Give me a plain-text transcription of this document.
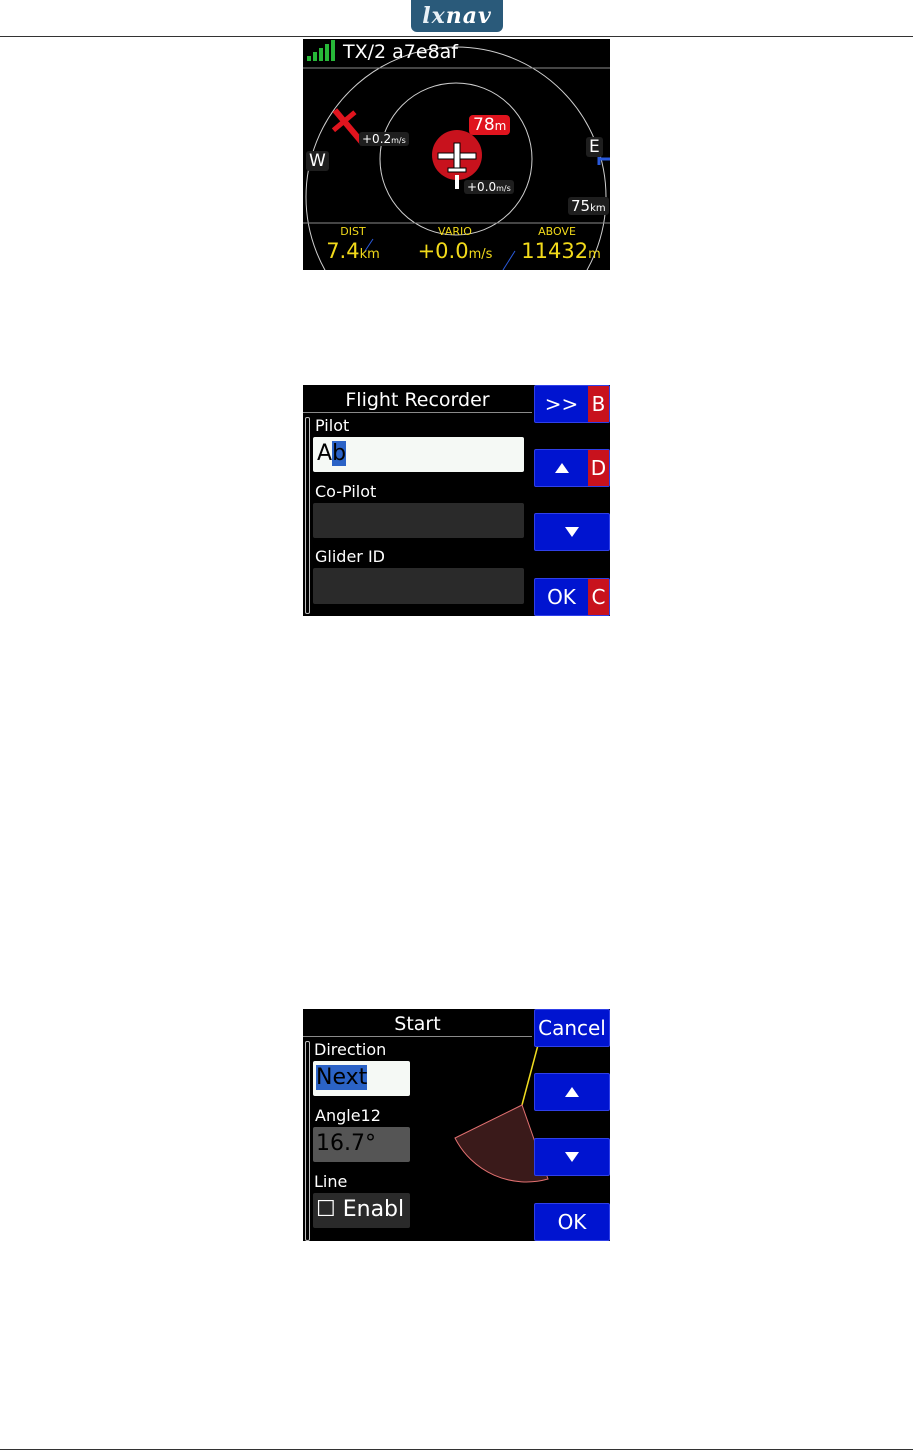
lxnav
TX/2 a7e8af
W
E
+0.2m/s
+0.0m/s
78m
75km
DIST
7.4km
VARIO
+0.0m/s
ABOVE
11432m
Flight Recorder
Pilot
Ab
Co-Pilot
Glider ID
>> B
D
OK C
Start
Direction
Next
Angle12
16.7°
Line
☐ Enabl
Cancel
OK
